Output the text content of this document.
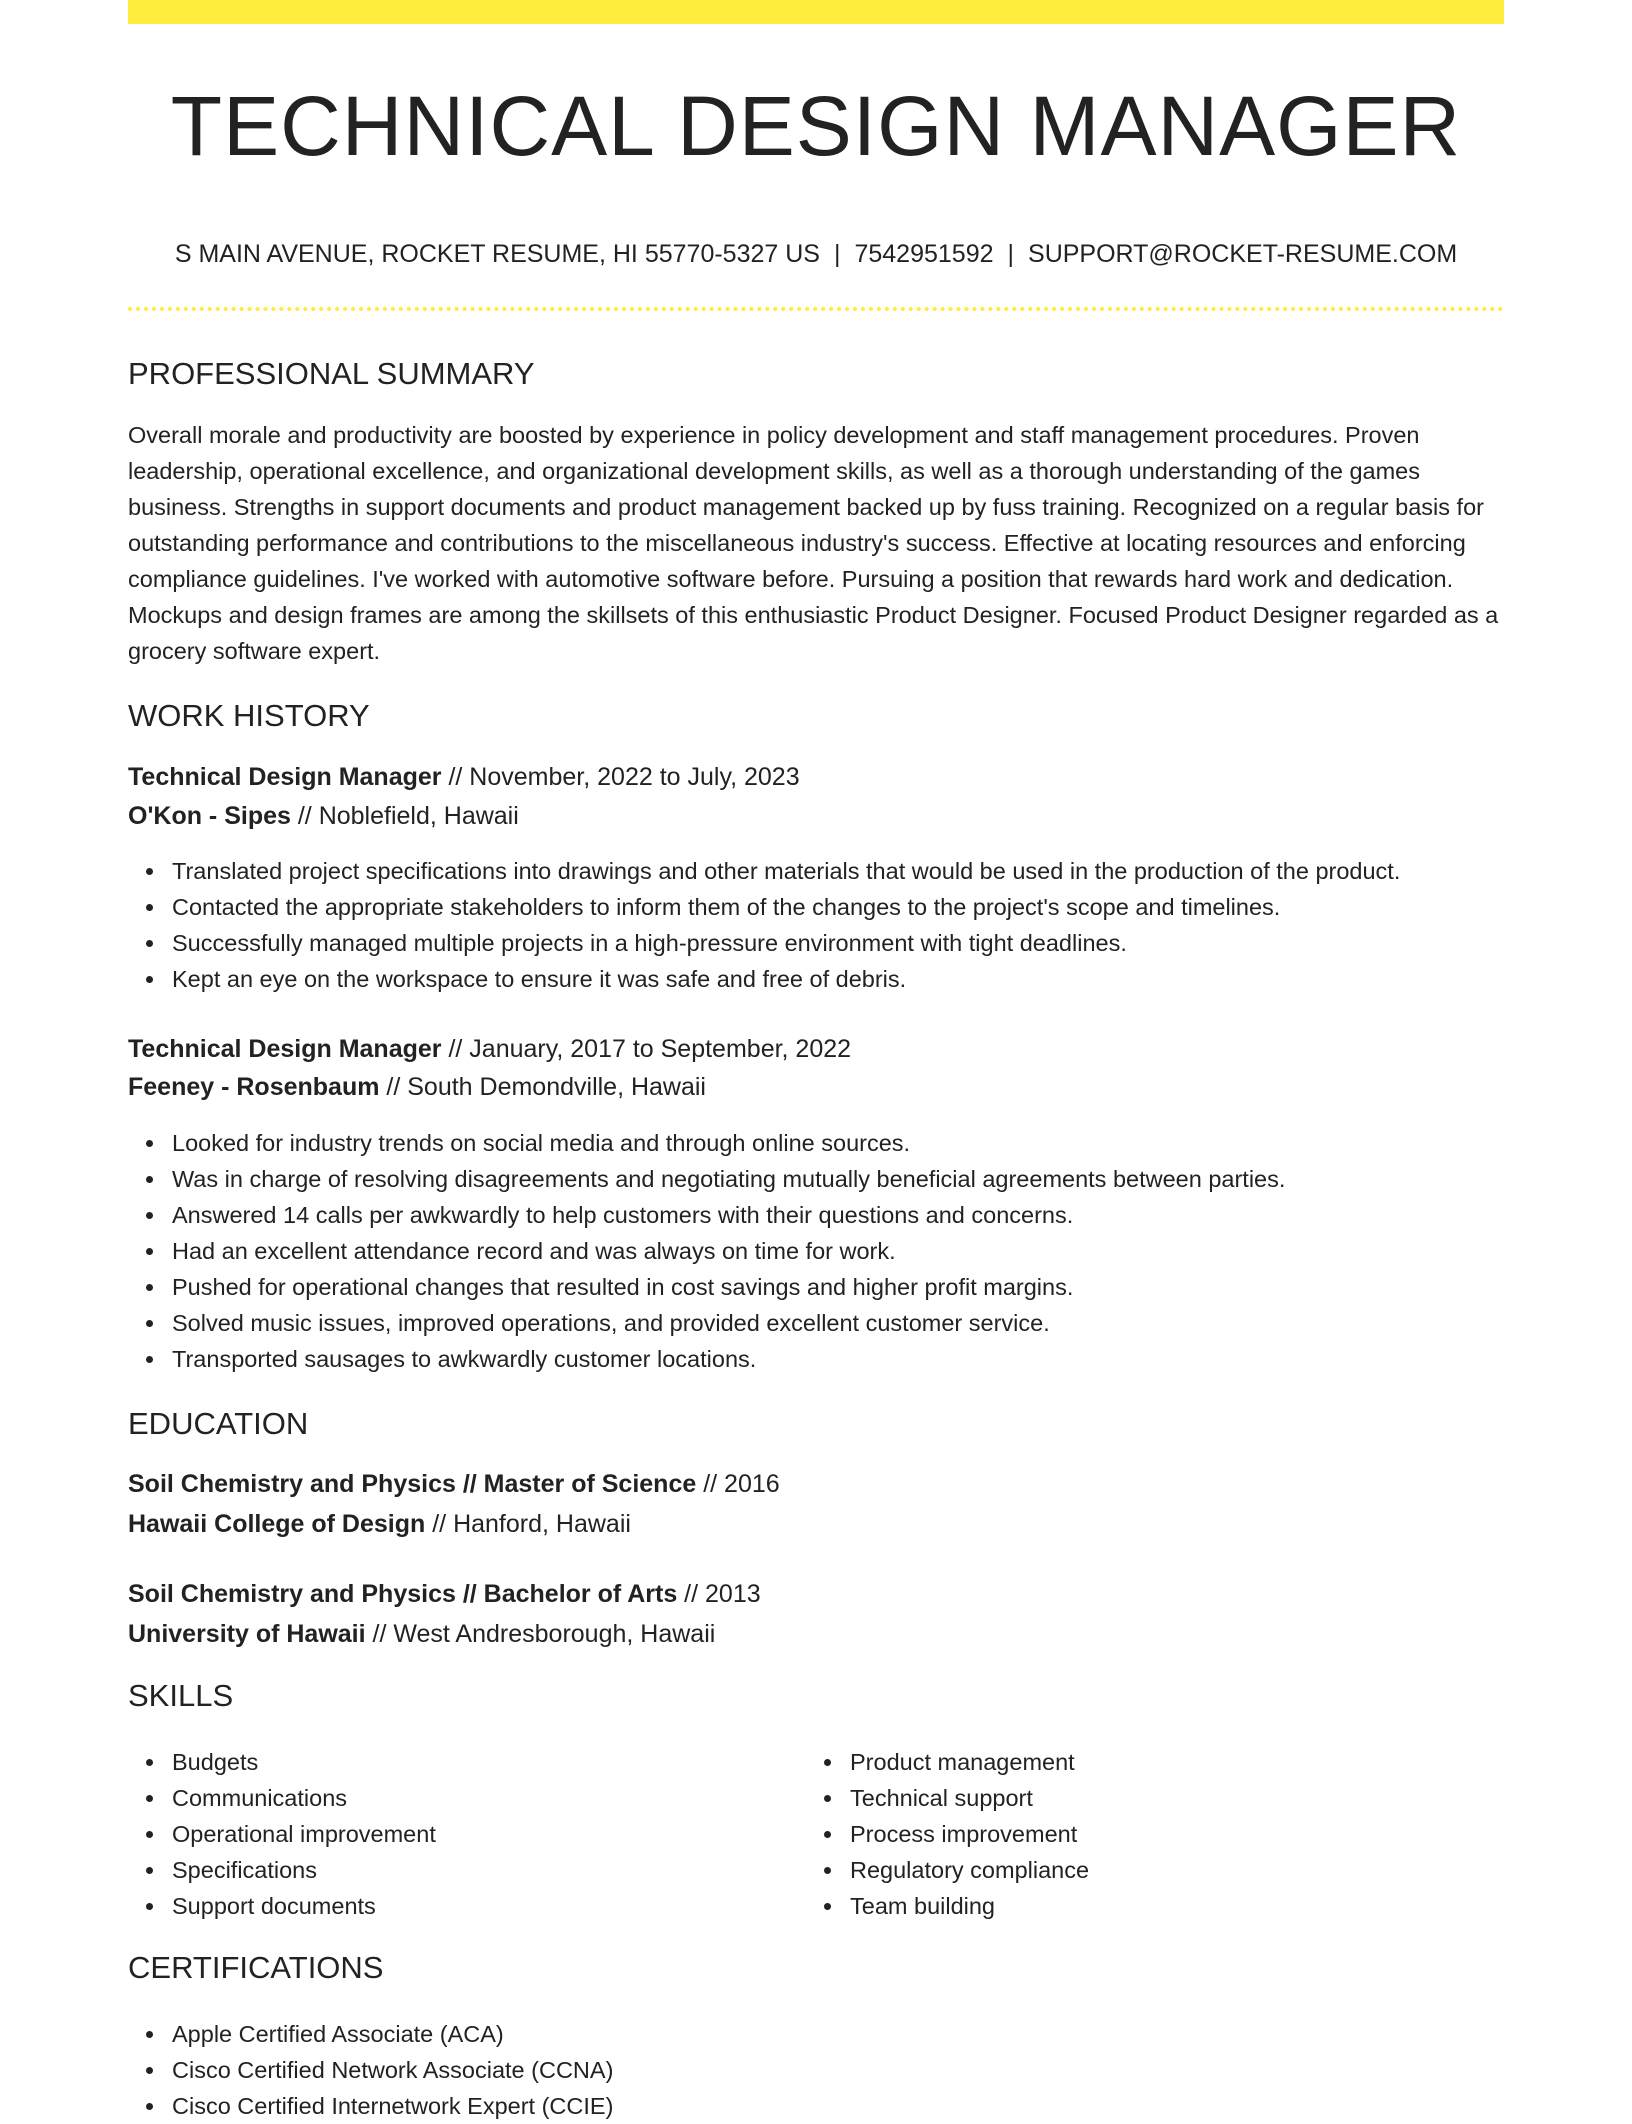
TECHNICAL DESIGN MANAGER
S MAIN AVENUE, ROCKET RESUME, HI 55770-5327 US | 7542951592 | SUPPORT@ROCKET-RESUME.COM
PROFESSIONAL SUMMARY
Overall morale and productivity are boosted by experience in policy development and staff management procedures. Proven leadership, operational excellence, and organizational development skills, as well as a thorough understanding of the games business. Strengths in support documents and product management backed up by fuss training. Recognized on a regular basis for outstanding performance and contributions to the miscellaneous industry's success. Effective at locating resources and enforcing compliance guidelines. I've worked with automotive software before. Pursuing a position that rewards hard work and dedication. Mockups and design frames are among the skillsets of this enthusiastic Product Designer. Focused Product Designer regarded as a grocery software expert.
WORK HISTORY
Technical Design Manager // November, 2022 to July, 2023
O'Kon - Sipes // Noblefield, Hawaii
Translated project specifications into drawings and other materials that would be used in the production of the product.
Contacted the appropriate stakeholders to inform them of the changes to the project's scope and timelines.
Successfully managed multiple projects in a high-pressure environment with tight deadlines.
Kept an eye on the workspace to ensure it was safe and free of debris.
Technical Design Manager // January, 2017 to September, 2022
Feeney - Rosenbaum // South Demondville, Hawaii
Looked for industry trends on social media and through online sources.
Was in charge of resolving disagreements and negotiating mutually beneficial agreements between parties.
Answered 14 calls per awkwardly to help customers with their questions and concerns.
Had an excellent attendance record and was always on time for work.
Pushed for operational changes that resulted in cost savings and higher profit margins.
Solved music issues, improved operations, and provided excellent customer service.
Transported sausages to awkwardly customer locations.
EDUCATION
Soil Chemistry and Physics // Master of Science // 2016
Hawaii College of Design // Hanford, Hawaii
Soil Chemistry and Physics // Bachelor of Arts // 2013
University of Hawaii // West Andresborough, Hawaii
SKILLS
Budgets
Communications
Operational improvement
Specifications
Support documents
Product management
Technical support
Process improvement
Regulatory compliance
Team building
CERTIFICATIONS
Apple Certified Associate (ACA)
Cisco Certified Network Associate (CCNA)
Cisco Certified Internetwork Expert (CCIE)
